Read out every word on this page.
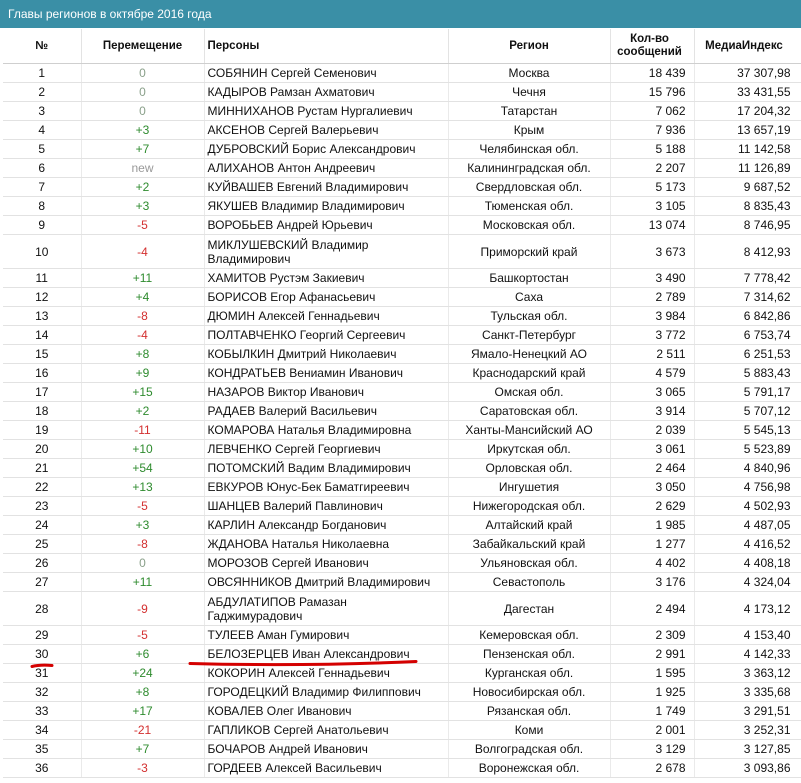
Главы регионов в октябре 2016 года
№	Перемещение	Персоны	Регион	Кол-во сообщений	МедиаИндекс
1	0	СОБЯНИН Сергей Семенович	Москва	18 439	37 307,98
2	0	КАДЫРОВ Рамзан Ахматович	Чечня	15 796	33 431,55
3	0	МИННИХАНОВ Рустам Нургалиевич	Татарстан	7 062	17 204,32
4	+3	АКСЕНОВ Сергей Валерьевич	Крым	7 936	13 657,19
5	+7	ДУБРОВСКИЙ Борис Александрович	Челябинская обл.	5 188	11 142,58
6	new	АЛИХАНОВ Антон Андреевич	Калининградская обл.	2 207	11 126,89
7	+2	КУЙВАШЕВ Евгений Владимирович	Свердловская обл.	5 173	9 687,52
8	+3	ЯКУШЕВ Владимир Владимирович	Тюменская обл.	3 105	8 835,43
9	-5	ВОРОБЬЕВ Андрей Юрьевич	Московская обл.	13 074	8 746,95
10	-4	МИКЛУШЕВСКИЙ Владимир Владимирович	Приморский край	3 673	8 412,93
11	+11	ХАМИТОВ Рустэм Закиевич	Башкортостан	3 490	7 778,42
12	+4	БОРИСОВ Егор Афанасьевич	Саха	2 789	7 314,62
13	-8	ДЮМИН Алексей Геннадьевич	Тульская обл.	3 984	6 842,86
14	-4	ПОЛТАВЧЕНКО Георгий Сергеевич	Санкт-Петербург	3 772	6 753,74
15	+8	КОБЫЛКИН Дмитрий Николаевич	Ямало-Ненецкий АО	2 511	6 251,53
16	+9	КОНДРАТЬЕВ Вениамин Иванович	Краснодарский край	4 579	5 883,43
17	+15	НАЗАРОВ Виктор Иванович	Омская обл.	3 065	5 791,17
18	+2	РАДАЕВ Валерий Васильевич	Саратовская обл.	3 914	5 707,12
19	-11	КОМАРОВА Наталья Владимировна	Ханты-Мансийский АО	2 039	5 545,13
20	+10	ЛЕВЧЕНКО Сергей Георгиевич	Иркутская обл.	3 061	5 523,89
21	+54	ПОТОМСКИЙ Вадим Владимирович	Орловская обл.	2 464	4 840,96
22	+13	ЕВКУРОВ Юнус-Бек Баматгиреевич	Ингушетия	3 050	4 756,98
23	-5	ШАНЦЕВ Валерий Павлинович	Нижегородская обл.	2 629	4 502,93
24	+3	КАРЛИН Александр Богданович	Алтайский край	1 985	4 487,05
25	-8	ЖДАНОВА Наталья Николаевна	Забайкальский край	1 277	4 416,52
26	0	МОРОЗОВ Сергей Иванович	Ульяновская обл.	4 402	4 408,18
27	+11	ОВСЯННИКОВ Дмитрий Владимирович	Севастополь	3 176	4 324,04
28	-9	АБДУЛАТИПОВ Рамазан Гаджимурадович	Дагестан	2 494	4 173,12
29	-5	ТУЛЕЕВ Аман Гумирович	Кемеровская обл.	2 309	4 153,40
30	+6	БЕЛОЗЕРЦЕВ Иван Александрович	Пензенская обл.	2 991	4 142,33
31	+24	КОКОРИН Алексей Геннадьевич	Курганская обл.	1 595	3 363,12
32	+8	ГОРОДЕЦКИЙ Владимир Филиппович	Новосибирская обл.	1 925	3 335,68
33	+17	КОВАЛЕВ Олег Иванович	Рязанская обл.	1 749	3 291,51
34	-21	ГАПЛИКОВ Сергей Анатольевич	Коми	2 001	3 252,31
35	+7	БОЧАРОВ Андрей Иванович	Волгоградская обл.	3 129	3 127,85
36	-3	ГОРДЕЕВ Алексей Васильевич	Воронежская обл.	2 678	3 093,86
